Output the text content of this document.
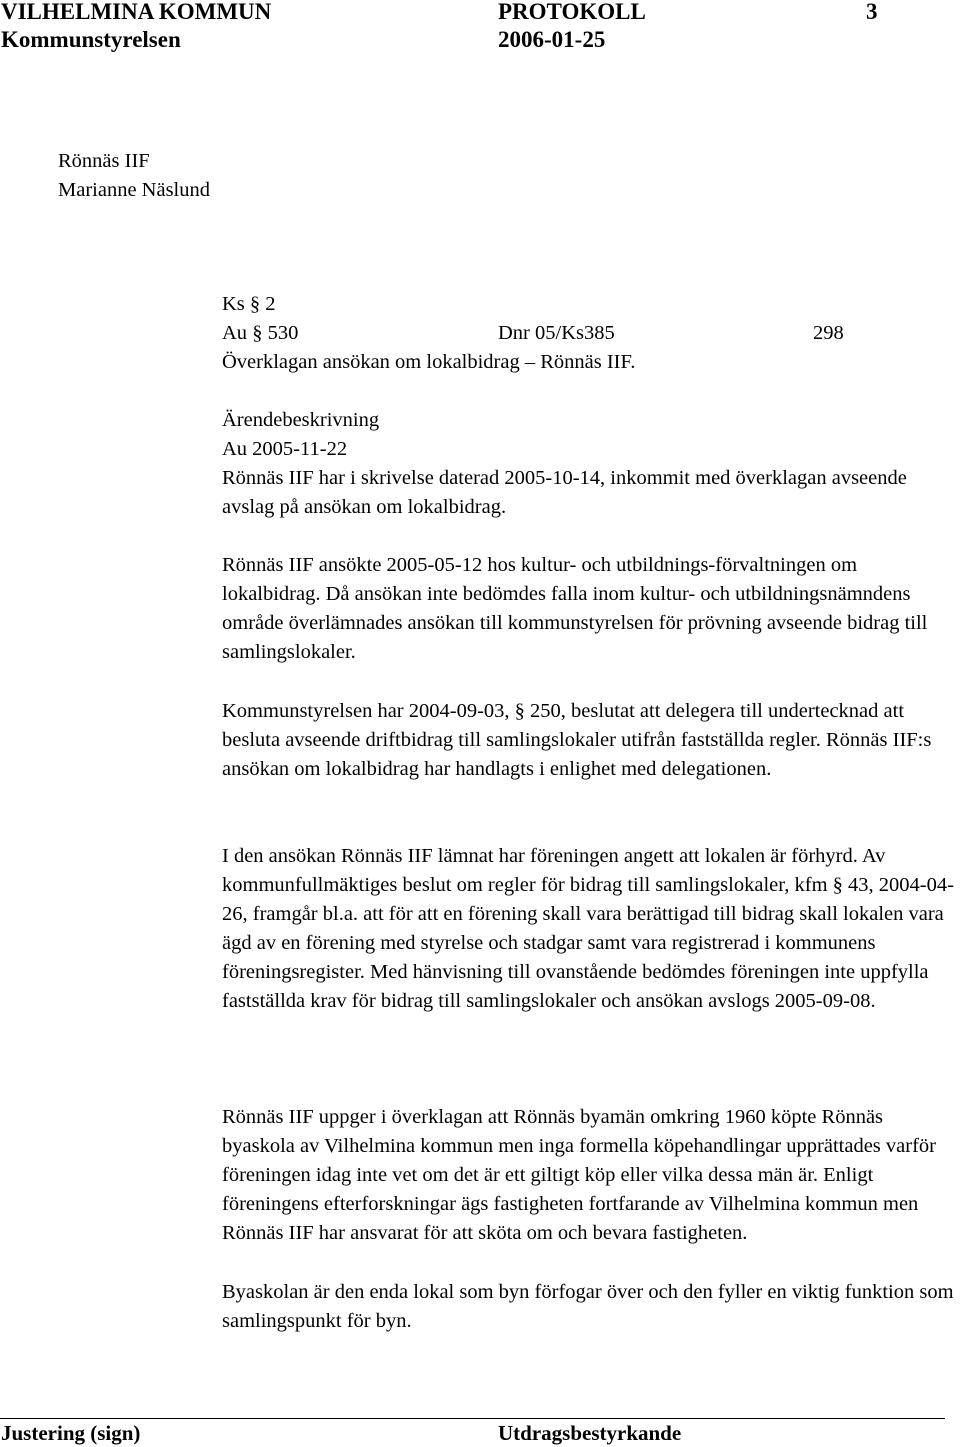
VILHELMINA KOMMUN	PROTOKOLL	3
Kommunstyrelsen	2006-01-25
Rönnäs IIF
Marianne Näslund
Ks § 2
Au § 530	Dnr 05/Ks385	298
Överklagan ansökan om lokalbidrag – Rönnäs IIF.
Ärendebeskrivning
Au 2005-11-22

Rönnäs IIF har i skrivelse daterad 2005-10-14, inkommit med överklagan avseende avslag på ansökan om lokalbidrag.

Rönnäs IIF ansökte 2005-05-12 hos kultur- och utbildnings-förvaltningen om lokalbidrag. Då ansökan inte bedömdes falla inom kultur- och utbildningsnämndens område överlämnades ansökan till kommunstyrelsen för prövning avseende bidrag till samlingslokaler.

Kommunstyrelsen har 2004-09-03, § 250, beslutat att delegera till undertecknad att besluta avseende driftbidrag till samlingslokaler utifrån fastställda regler. Rönnäs IIF:s ansökan om lokalbidrag har handlagts i enlighet med delegationen.

I den ansökan Rönnäs IIF lämnat har föreningen angett att lokalen är förhyrd. Av kommunfullmäktiges beslut om regler för bidrag till samlingslokaler, kfm § 43, 2004-04-26, framgår bl.a. att för att en förening skall vara berättigad till bidrag skall lokalen vara ägd av en förening med styrelse och stadgar samt vara registrerad i kommunens föreningsregister. Med hänvisning till ovanstående bedömdes föreningen inte uppfylla fastställda krav för bidrag till samlingslokaler och ansökan avslogs 2005-09-08.

Rönnäs IIF uppger i överklagan att Rönnäs byamän omkring 1960 köpte Rönnäs byaskola av Vilhelmina kommun men inga formella köpehandlingar upprättades varför föreningen idag inte vet om det är ett giltigt köp eller vilka dessa män är. Enligt föreningens efterforskningar ägs fastigheten fortfarande av Vilhelmina kommun men Rönnäs IIF har ansvarat för att sköta om och bevara fastigheten.

Byaskolan är den enda lokal som byn förfogar över och den fyller en viktig funktion som samlingspunkt för byn.

Justering (sign)	Utdragsbestyrkande
